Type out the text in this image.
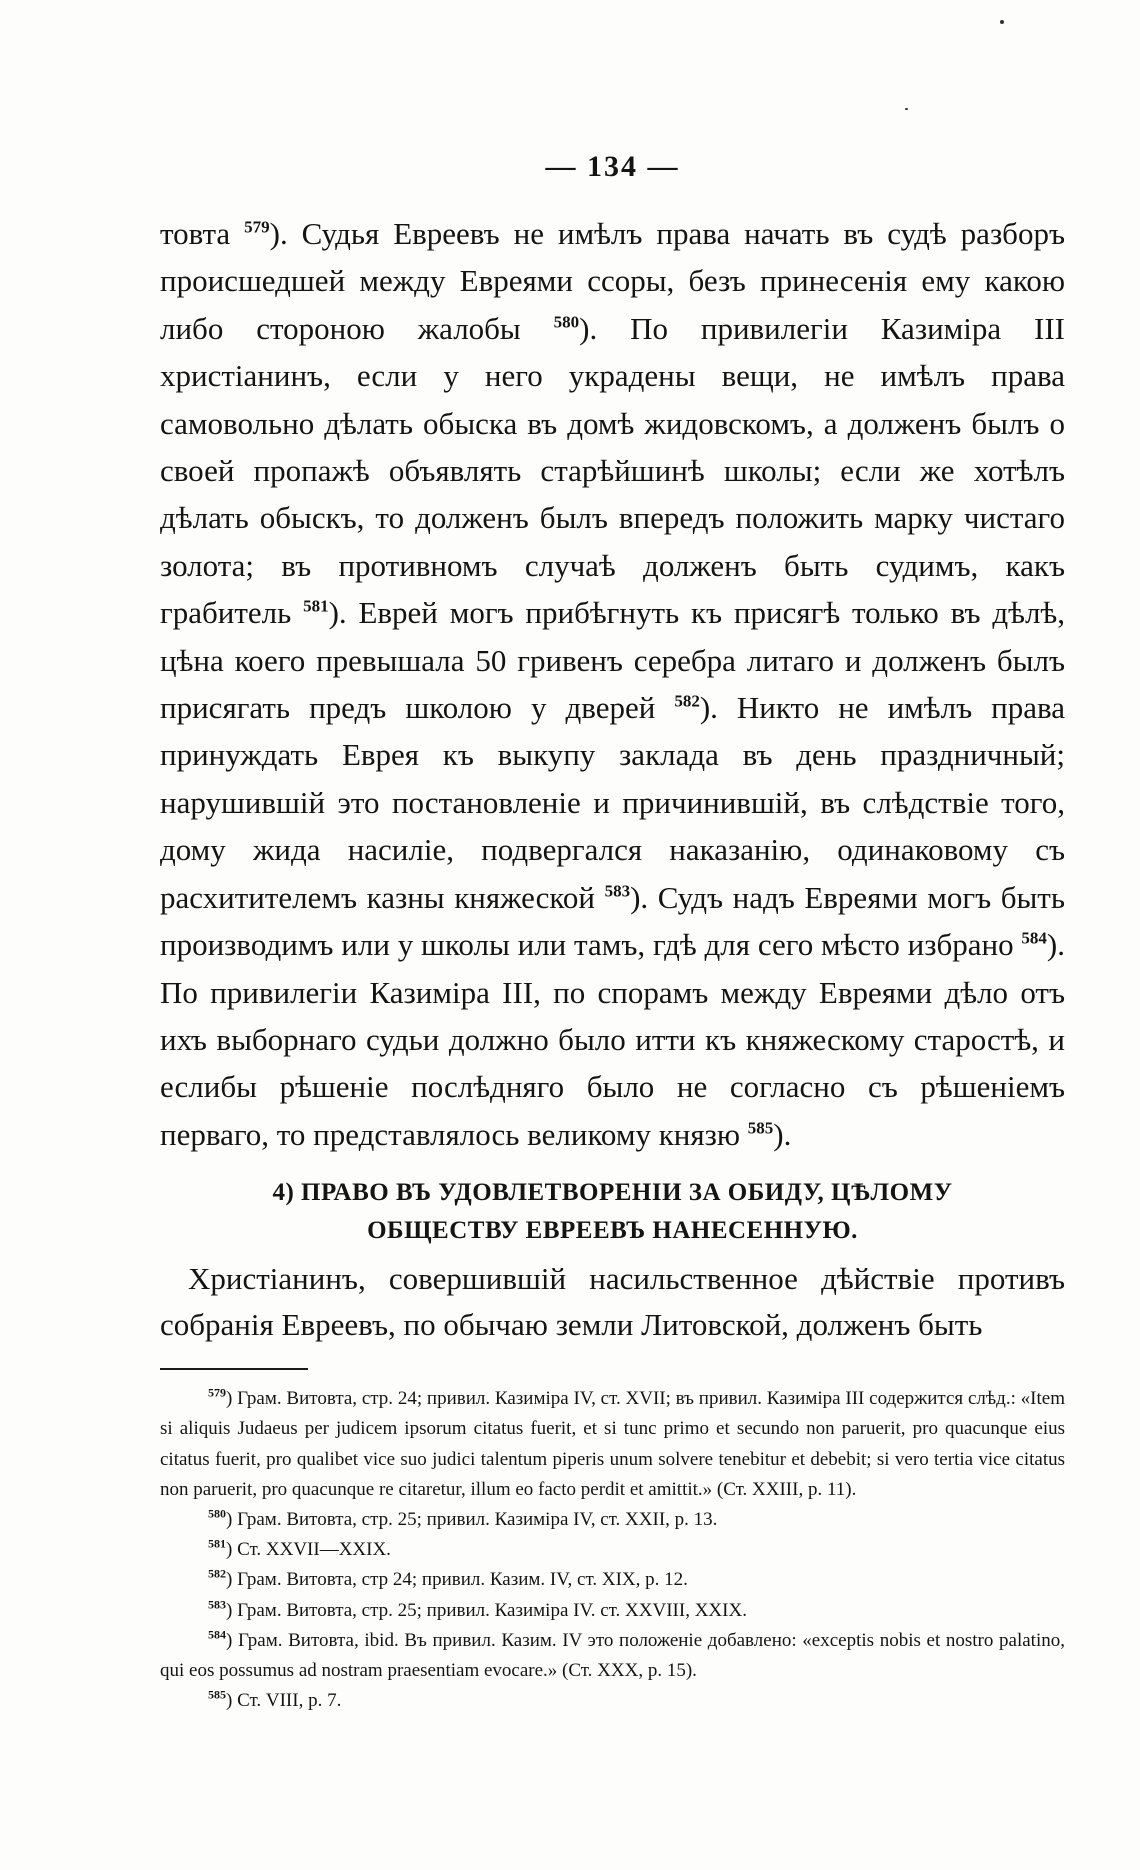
— 134 —

товта $^{579}$). Судья Евреевъ не имѣлъ права начать въ судѣ разборъ происшедшей между Евреями ссоры, безъ принесенія ему какою либо стороною жалобы $^{580}$). По привилегіи Казиміра III христіанинъ, если у него украдены вещи, не имѣлъ права самовольно дѣлать обыска въ домѣ жидовскомъ, а долженъ былъ о своей пропажѣ объявлять старѣйшинѣ школы; если же хотѣлъ дѣлать обыскъ, то долженъ былъ впередъ положить марку чистаго золота; въ противномъ случаѣ долженъ быть судимъ, какъ грабитель $^{581}$). Еврей могъ прибѣгнуть къ присягѣ только въ дѣлѣ, цѣна коего превышала 50 гривенъ серебра литаго и долженъ былъ присягать предъ школою у дверей $^{582}$). Никто не имѣлъ права принуждать Еврея къ выкупу заклада въ день праздничный; нарушившій это постановленіе и причинившій, въ слѣдствіе того, дому жида насиліе, подвергался наказанію, одинаковому съ расхитителемъ казны княжеской $^{583}$). Судъ надъ Евреями могъ быть производимъ или у школы или тамъ, гдѣ для сего мѣсто избрано $^{584}$). По привилегіи Казиміра III, по спорамъ между Евреями дѣло отъ ихъ выборнаго судьи должно было итти къ княжескому старостѣ, и еслибы рѣшеніе послѣдняго было не согласно съ рѣшеніемъ перваго, то представлялось великому князю $^{585}$).

4) ПРАВО ВЪ УДОВЛЕТВОРЕНІИ ЗА ОБИДУ, ЦѢЛОМУ
ОБЩЕСТВУ ЕВРЕЕВЪ НАНЕСЕННУЮ.

Христіанинъ, совершившій насильственное дѣйствіе противъ собранія Евреевъ, по обычаю земли Литовской, долженъ быть

$^{579}$) Грам. Витовта, стр. 24; привил. Казиміра IV, ст. XVII; въ привил. Казиміра III содержится слѣд.: «Item si aliquis Judaeus per judicem ipsorum citatus fuerit, et si tunc primo et secundo non paruerit, pro quacunque eius citatus fuerit, pro qualibet vice suo judici talentum piperis unum solvere tenebitur et debebit; si vero tertia vice citatus non paruerit, pro quacunque re citaretur, illum eo facto perdit et amittit.» (Ст. XXIII, p. 11).

$^{580}$) Грам. Витовта, стр. 25; привил. Казиміра IV, ст. XXII, p. 13.

$^{581}$) Ст. XXVII—XXIX.

$^{582}$) Грам. Витовта, стр 24; привил. Казим. IV, ст. XIX, p. 12.

$^{583}$) Грам. Витовта, стр. 25; привил. Казиміра IV. ст. XXVIII, XXIX.

$^{584}$) Грам. Витовта, ibid. Въ привил. Казим. IV это положеніе добавлено: «exceptis nobis et nostro palatino, qui eos possumus ad nostram praesentiam evocare.» (Ст. XXX, p. 15).

$^{585}$) Ст. VIII, p. 7.
